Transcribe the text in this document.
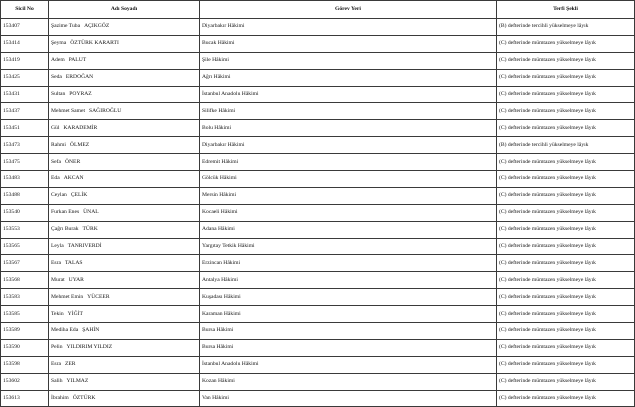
Sicil No	Adı Soyadı	Görev Yeri	Terfi Şekli
153407	Şazime Tuba AÇIKGÖZ	Diyarbakır Hâkimi	(B) defterinde tercihli yükselmeye lâyık
153414	Şeyma ÖZTÜRK KARARTI	Bucak Hâkimi	(C) defterinde mümtazen yükselmeye lâyık
153419	Adem PALUT	Şile Hâkimi	(C) defterinde mümtazen yükselmeye lâyık
153425	Seda ERDOĞAN	Ağrı Hâkimi	(C) defterinde mümtazen yükselmeye lâyık
153431	Sultan POYRAZ	İstanbul Anadolu Hâkimi	(C) defterinde mümtazen yükselmeye lâyık
153437	Mehmet Samet SAĞIROĞLU	Silifke Hâkimi	(C) defterinde mümtazen yükselmeye lâyık
153451	Gül KARADEMİR	Bolu Hâkimi	(C) defterinde mümtazen yükselmeye lâyık
153473	Rahmi ÖLMEZ	Diyarbakır Hâkimi	(B) defterinde tercihli yükselmeye lâyık
153475	Sefa ÖNER	Edremit Hâkimi	(C) defterinde mümtazen yükselmeye lâyık
153483	Eda AKCAN	Gölcük Hâkimi	(C) defterinde mümtazen yükselmeye lâyık
153488	Ceylan ÇELİK	Mersin Hâkimi	(C) defterinde mümtazen yükselmeye lâyık
153540	Furkan Enes ÜNAL	Kocaeli Hâkimi	(C) defterinde mümtazen yükselmeye lâyık
153553	Çağrı Burak TÜRK	Adana Hâkimi	(C) defterinde mümtazen yükselmeye lâyık
153565	Leyla TANRIVERDİ	Yargıtay Tetkik Hâkimi	(C) defterinde mümtazen yükselmeye lâyık
153567	Esra TALAS	Erzincan Hâkimi	(C) defterinde mümtazen yükselmeye lâyık
153568	Murat UYAR	Antalya Hâkimi	(C) defterinde mümtazen yükselmeye lâyık
153583	Mehmet Emin YÜCEER	Kuşadası Hâkimi	(C) defterinde mümtazen yükselmeye lâyık
153585	Tekin YİĞİT	Karaman Hâkimi	(C) defterinde mümtazen yükselmeye lâyık
153589	Mediha Eda ŞAHİN	Bursa Hâkimi	(C) defterinde mümtazen yükselmeye lâyık
153590	Pelin YILDIRIM YILDIZ	Bursa Hâkimi	(C) defterinde mümtazen yükselmeye lâyık
153598	Esra ZER	İstanbul Anadolu Hâkimi	(C) defterinde mümtazen yükselmeye lâyık
153602	Salih YILMAZ	Kozan Hâkimi	(C) defterinde mümtazen yükselmeye lâyık
153613	İbrahim ÖZTÜRK	Van Hâkimi	(C) defterinde mümtazen yükselmeye lâyık
